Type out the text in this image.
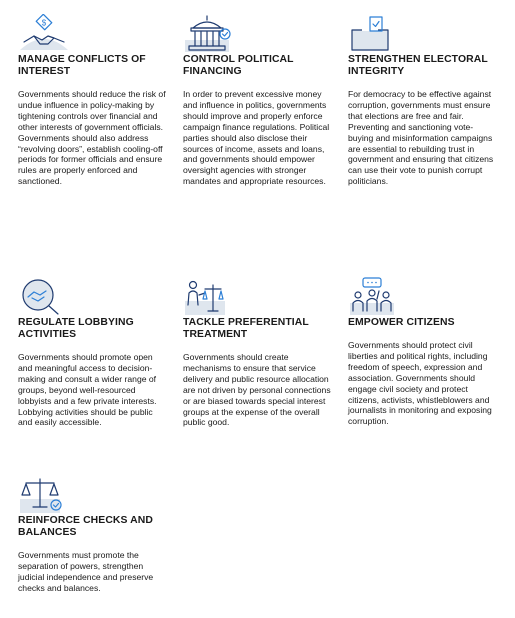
$

MANAGE CONFLICTS OF INTEREST

Governments should reduce the risk of undue influence in policy-making by tightening controls over financial and other interests of government officials. Governments should also address “revolving doors”, establish cooling-off periods for former officials and ensure rules are properly enforced and sanctioned.

CONTROL POLITICAL FINANCING

In order to prevent excessive money and influence in politics, governments should improve and properly enforce campaign finance regulations. Political parties should also disclose their sources of income, assets and loans, and governments should empower oversight agencies with stronger mandates and appropriate resources.

STRENGTHEN ELECTORAL INTEGRITY

For democracy to be effective against corruption, governments must ensure that elections are free and fair. Preventing and sanctioning vote-buying and misinformation campaigns are essential to rebuilding trust in government and ensuring that citizens can use their vote to punish corrupt politicians.

REGULATE LOBBYING ACTIVITIES

Governments should promote open and meaningful access to decision-making and consult a wider range of groups, beyond well-resourced lobbyists and a few private interests. Lobbying activities should be public and easily accessible.

TACKLE PREFERENTIAL TREATMENT

Governments should create mechanisms to ensure that service delivery and public resource allocation are not driven by personal connections or are biased towards special interest groups at the expense of the overall public good.

EMPOWER CITIZENS

Governments should protect civil liberties and political rights, including freedom of speech, expression and association. Governments should engage civil society and protect citizens, activists, whistleblowers and journalists in monitoring and exposing corruption.

REINFORCE CHECKS AND BALANCES

Governments must promote the separation of powers, strengthen judicial independence and preserve checks and balances.
